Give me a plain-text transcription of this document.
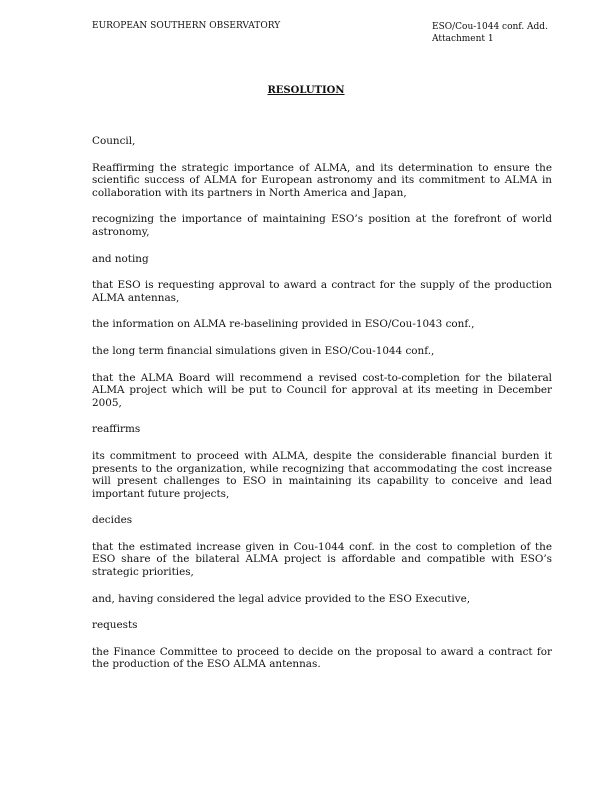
EUROPEAN SOUTHERN OBSERVATORY	ESO/Cou-1044 conf. Add.
Attachment 1
RESOLUTION

Council,

Reaffirming the strategic importance of ALMA, and its determination to ensure the scientific success of ALMA for European astronomy and its commitment to ALMA in collaboration with its partners in North America and Japan,

recognizing the importance of maintaining ESO’s position at the forefront of world astronomy,

and noting

that ESO is requesting approval to award a contract for the supply of the production ALMA antennas,

the information on ALMA re-baselining provided in ESO/Cou-1043 conf.,

the long term financial simulations given in ESO/Cou-1044 conf.,

that the ALMA Board will recommend a revised cost-to-completion for the bilateral ALMA project which will be put to Council for approval at its meeting in December 2005,

reaffirms

its commitment to proceed with ALMA, despite the considerable financial burden it presents to the organization, while recognizing that accommodating the cost increase will present challenges to ESO in maintaining its capability to conceive and lead important future projects,

decides

that the estimated increase given in Cou-1044 conf. in the cost to completion of the ESO share of the bilateral ALMA project is affordable and compatible with ESO’s strategic priorities,

and, having considered the legal advice provided to the ESO Executive,

requests

the Finance Committee to proceed to decide on the proposal to award a contract for the production of the ESO ALMA antennas.
